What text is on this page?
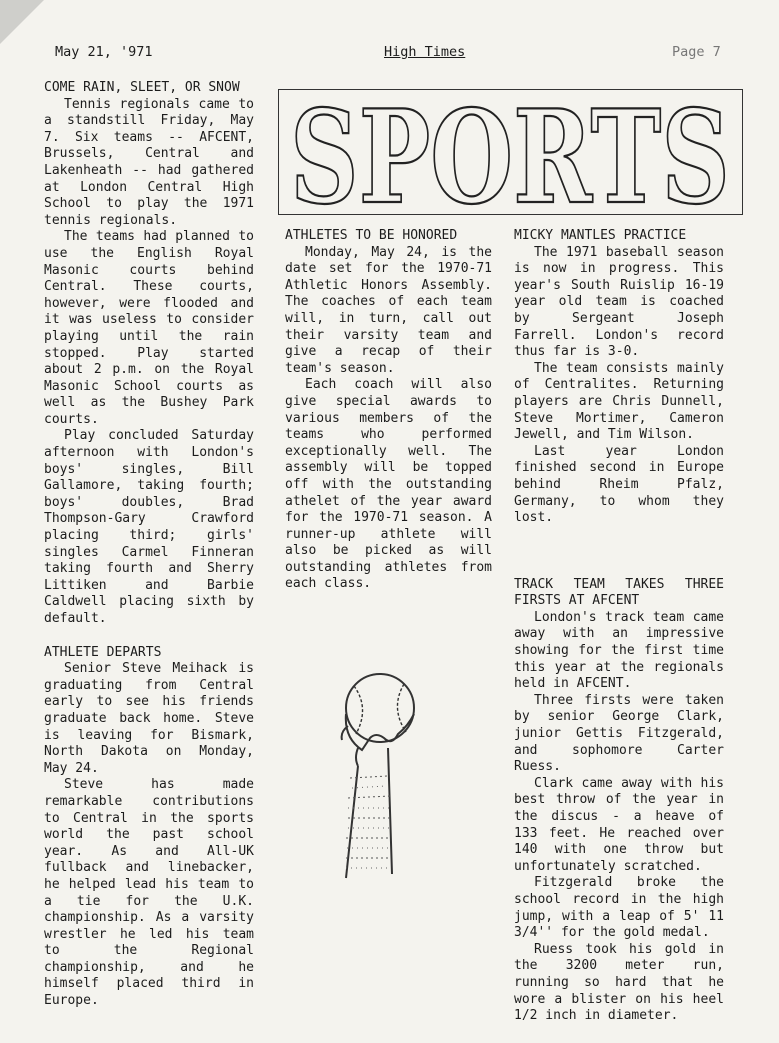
May 21, '971	High Times	Page 7
SPORTS
COME RAIN, SLEET, OR SNOW

Tennis regionals came to a standstill Friday, May 7. Six teams -- AFCENT, Brussels, Central and Lakenheath -- had gathered at London Central High School to play the 1971 tennis regionals.

The teams had planned to use the English Royal Masonic courts behind Central. These courts, however, were flooded and it was useless to consider playing until the rain stopped. Play started about 2 p.m. on the Royal Masonic School courts as well as the Bushey Park courts.

Play concluded Saturday afternoon with London's boys' singles, Bill Gallamore, taking fourth; boys' doubles, Brad Thompson-Gary Crawford placing third; girls' singles Carmel Finneran taking fourth and Sherry Littiken and Barbie Caldwell placing sixth by default.

ATHLETE DEPARTS

Senior Steve Meihack is graduating from Central early to see his friends graduate back home. Steve is leaving for Bismark, North Dakota on Monday, May 24.

Steve has made remarkable contributions to Central in the sports world the past school year. As and All-UK fullback and linebacker, he helped lead his team to a tie for the U.K. championship. As a varsity wrestler he led his team to the Regional championship, and he himself placed third in Europe.

ATHLETES TO BE HONORED

Monday, May 24, is the date set for the 1970-71 Athletic Honors Assembly. The coaches of each team will, in turn, call out their varsity team and give a recap of their team's season.

Each coach will also give special awards to various members of the teams who performed exceptionally well. The assembly will be topped off with the outstanding athelet of the year award for the 1970-71 season. A runner-up athlete will also be picked as will outstanding athletes from each class.

MICKY MANTLES PRACTICE

The 1971 baseball season is now in progress. This year's South Ruislip 16-19 year old team is coached by Sergeant Joseph Farrell. London's record thus far is 3-0.

The team consists mainly of Centralites. Returning players are Chris Dunnell, Steve Mortimer, Cameron Jewell, and Tim Wilson.

Last year London finished second in Europe behind Rheim Pfalz, Germany, to whom they lost.

TRACK TEAM TAKES THREE FIRSTS AT AFCENT

London's track team came away with an impressive showing for the first time this year at the regionals held in AFCENT.

Three firsts were taken by senior George Clark, junior Gettis Fitzgerald, and sophomore Carter Ruess.

Clark came away with his best throw of the year in the discus - a heave of 133 feet. He reached over 140 with one throw but unfortunately scratched.

Fitzgerald broke the school record in the high jump, with a leap of 5' 11 3/4'' for the gold medal.

Ruess took his gold in the 3200 meter run, running so hard that he wore a blister on his heel 1/2 inch in diameter.
